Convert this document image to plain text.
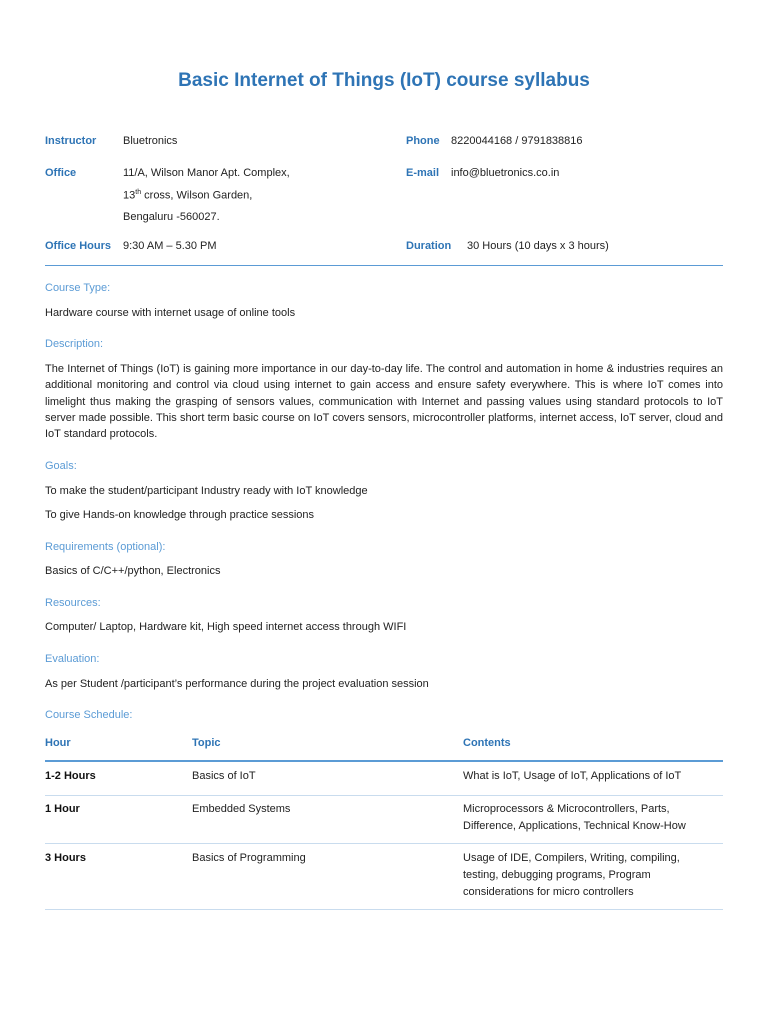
Basic Internet of Things (IoT) course syllabus
Instructor Bluetronics	Phone 8220044168 / 9791838816
Office	11/A, Wilson Manor Apt. Complex,
13th cross, Wilson Garden,
Bengaluru -560027.
E-mail info@bluetronics.co.in
Office Hours 9:30 AM – 5.30 PM	Duration 30 Hours (10 days x 3 hours)
Course Type:
Hardware course with internet usage of online tools
Description:
The Internet of Things (IoT) is gaining more importance in our day-to-day life. The control and automation in home & industries requires an additional monitoring and control via cloud using internet to gain access and ensure safety everywhere. This is where IoT comes into limelight thus making the grasping of sensors values, communication with Internet and passing values using standard protocols to IoT server made possible. This short term basic course on IoT covers sensors, microcontroller platforms, internet access, IoT server, cloud and IoT standard protocols.
Goals:
To make the student/participant Industry ready with IoT knowledge
To give Hands-on knowledge through practice sessions
Requirements (optional):
Basics of C/C++/python, Electronics
Resources:
Computer/ Laptop, Hardware kit, High speed internet access through WIFI
Evaluation:
As per Student /participant’s performance during the project evaluation session
Course Schedule:
Hour	Topic	Contents
1-2 Hours	Basics of IoT	What is IoT, Usage of IoT, Applications of IoT
1 Hour	Embedded Systems	Microprocessors & Microcontrollers, Parts,
Difference, Applications, Technical Know-How
3 Hours	Basics of Programming	Usage of IDE, Compilers, Writing, compiling,
testing, debugging programs, Program
considerations for micro controllers
